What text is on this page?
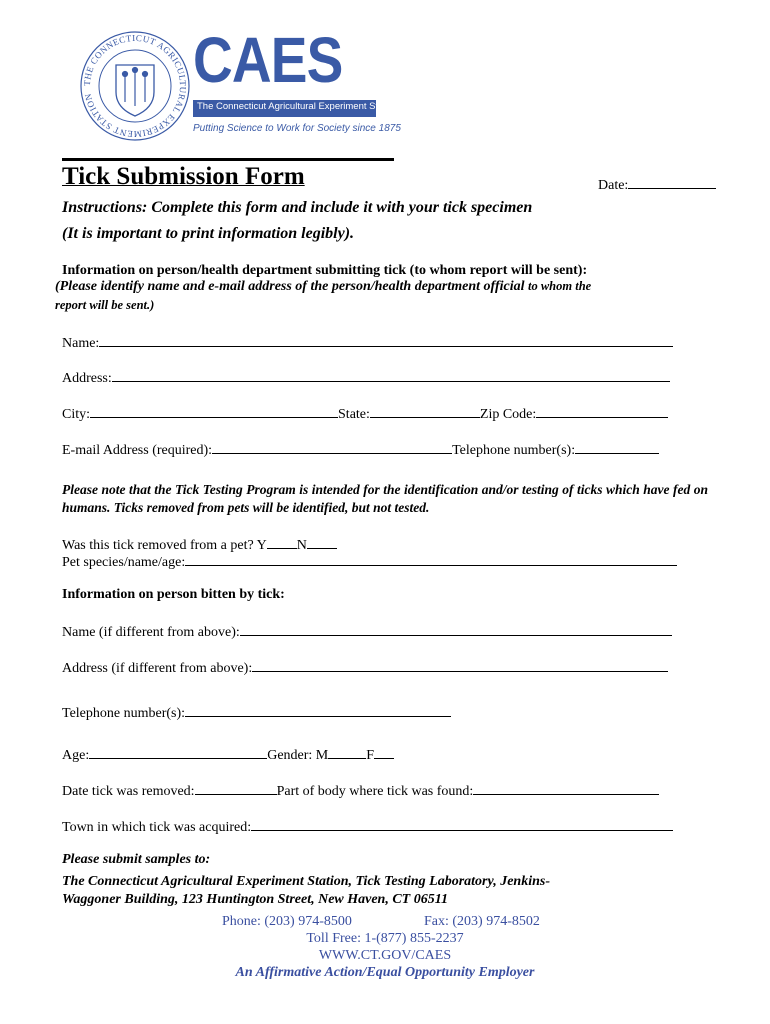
THE CONNECTICUT AGRICULTURAL EXPERIMENT STATION
CAES
The Connecticut Agricultural Experiment Station
Putting Science to Work for Society since 1875
Tick Submission Form	Date:
Instructions: Complete this form and include it with your tick specimen
(It is important to print information legibly).
Information on person/health department submitting tick (to whom report will be sent):
(Please identify name and e-mail address of the person/health department official to whom the
report will be sent.)
Name:
Address:
City:	State:	Zip Code:
E-mail Address (required):	Telephone number(s):
Please note that the Tick Testing Program is intended for the identification and/or testing of ticks which have fed on humans. Ticks removed from pets will be identified, but not tested.
Was this tick removed from a pet? Y N
Pet species/name/age:
Information on person bitten by tick:
Name (if different from above):
Address (if different from above):
Telephone number(s):
Age:	Gender: M	F
Date tick was removed:	Part of body where tick was found:
Town in which tick was acquired:
Please submit samples to:
The Connecticut Agricultural Experiment Station, Tick Testing Laboratory, Jenkins-
Waggoner Building, 123 Huntington Street, New Haven, CT 06511
Phone: (203) 974-8500	Fax: (203) 974-8502
Toll Free: 1-(877) 855-2237
WWW.CT.GOV/CAES
An Affirmative Action/Equal Opportunity Employer
